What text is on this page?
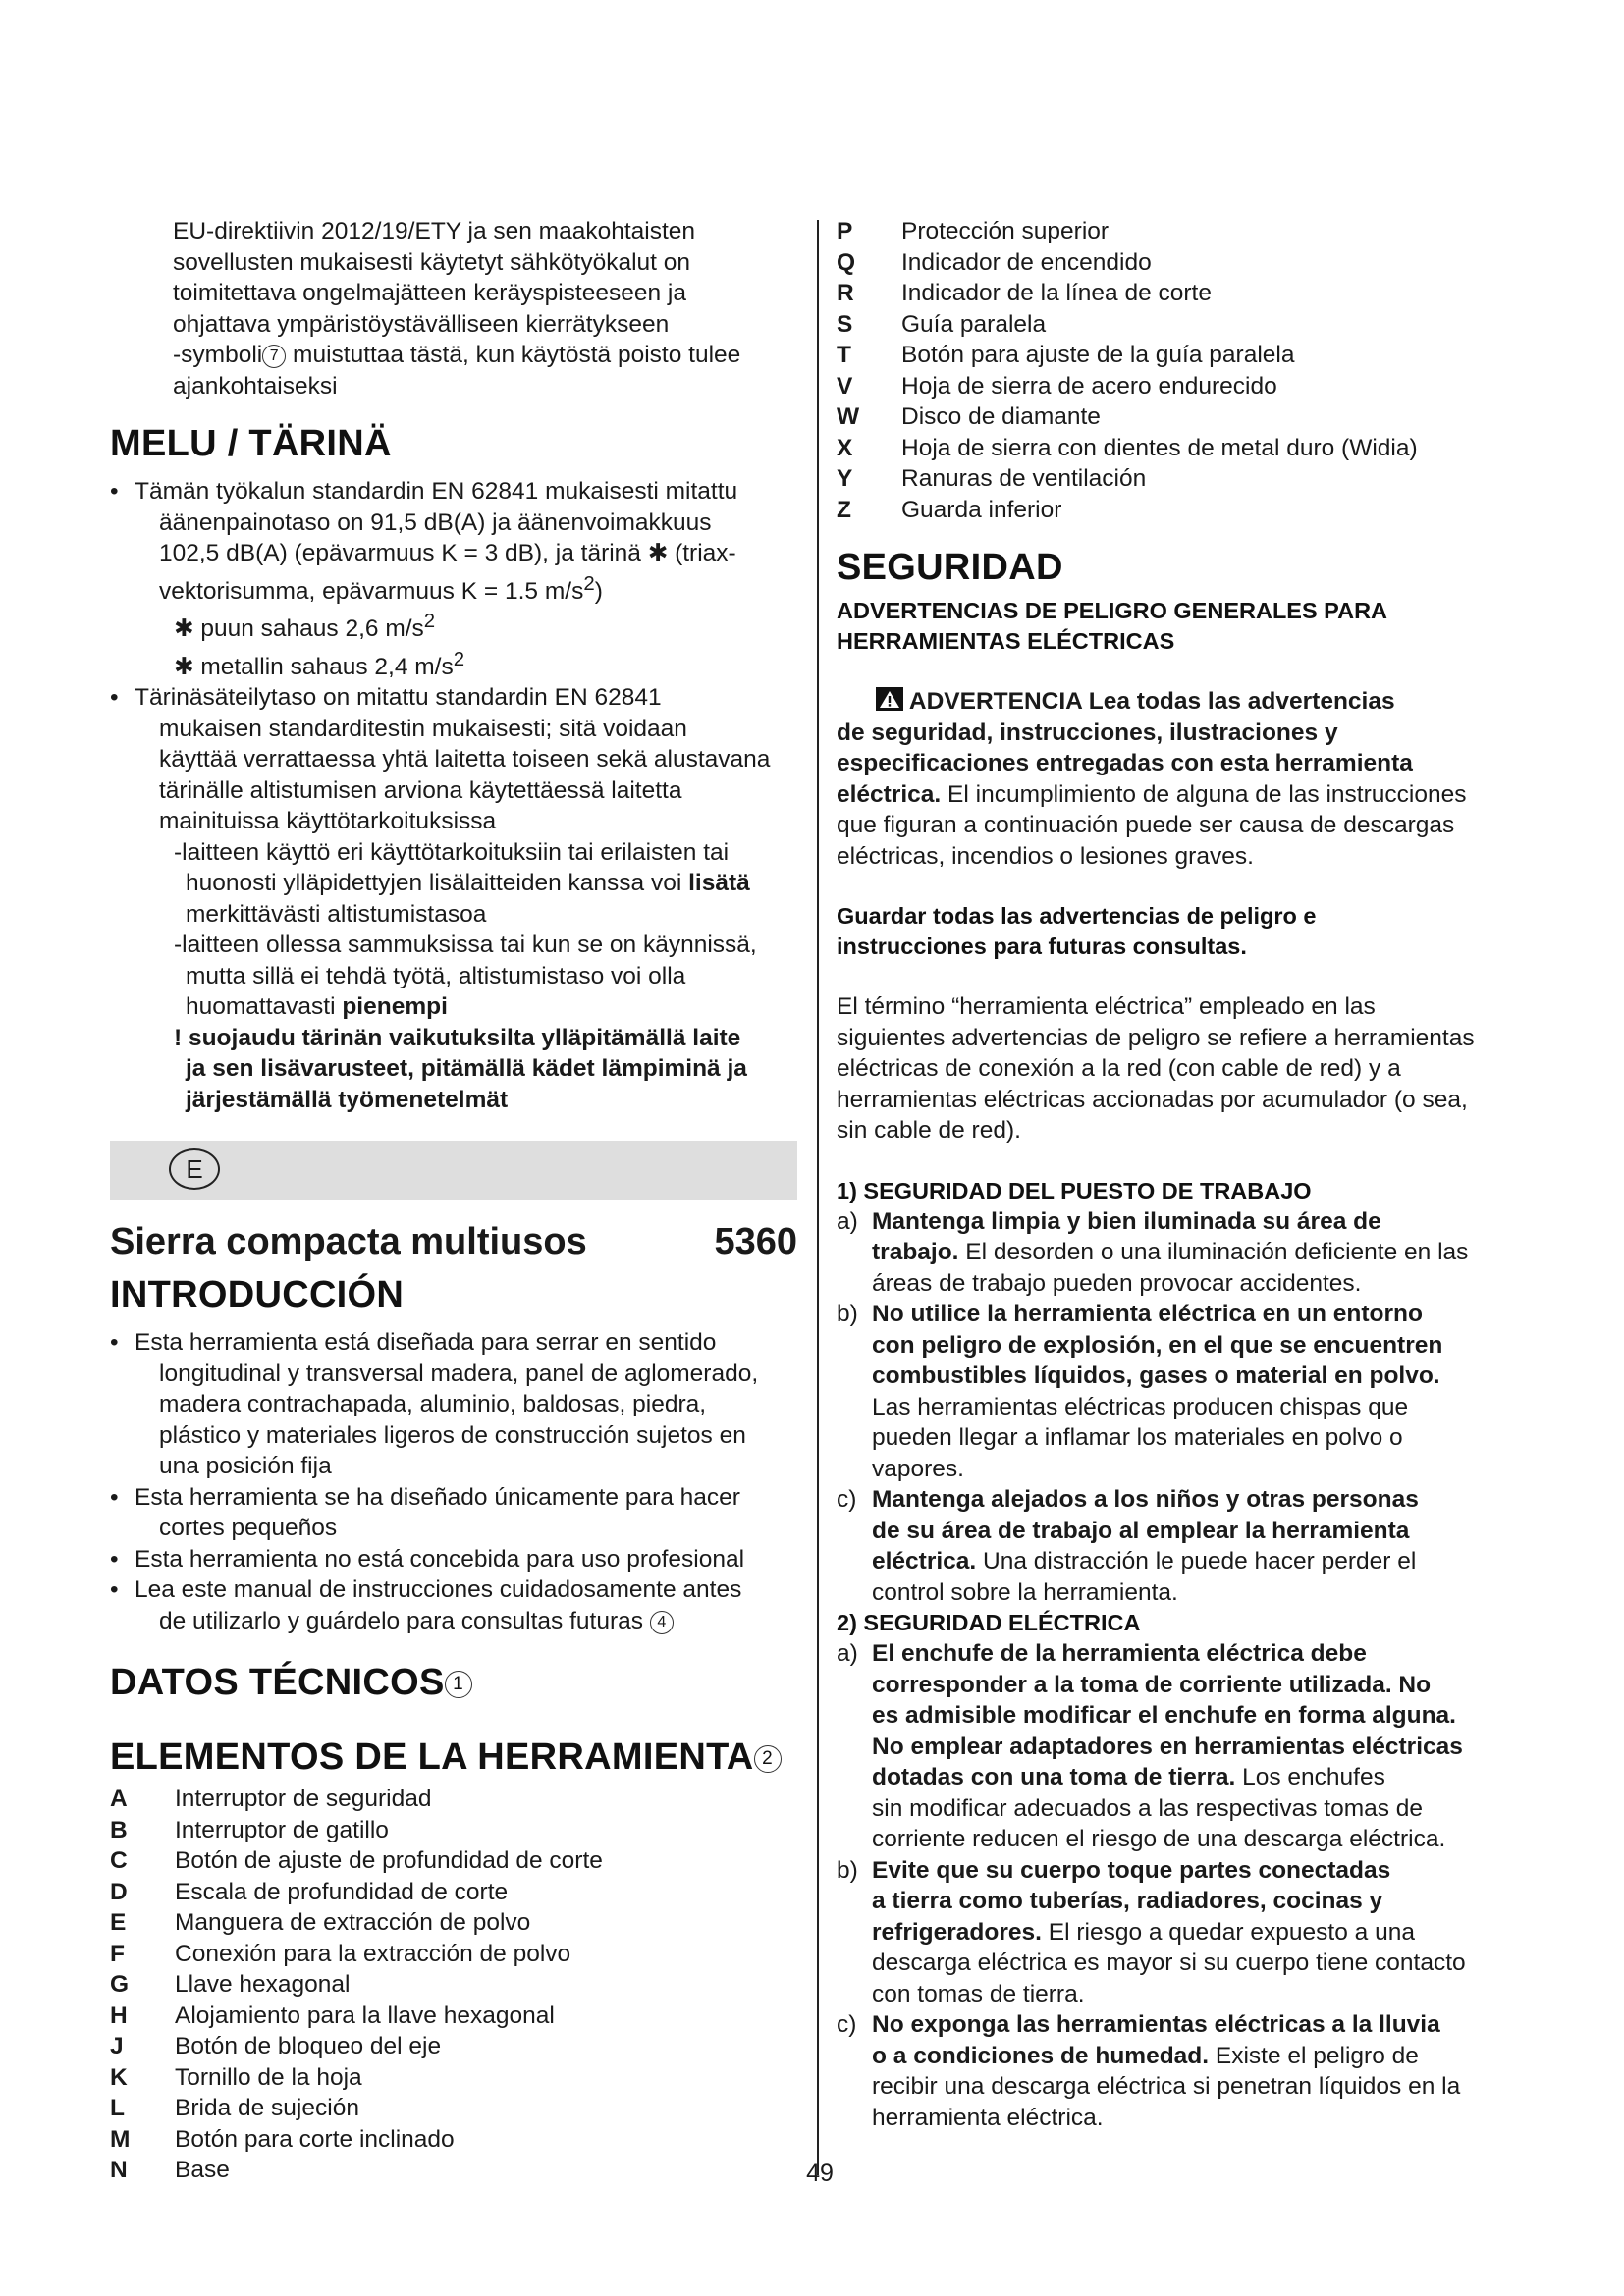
EU-direktiivin 2012/19/ETY ja sen maakohtaisten

sovellusten mukaisesti käytetyt sähkötyökalut on

toimitettava ongelmajätteen keräyspisteeseen ja

ohjattava ympäristöystävälliseen kierrätykseen

-symboli 7 muistuttaa tästä, kun käytöstä poisto tulee

ajankohtaiseksi

MELU / TÄRINÄ

• Tämän työkalun standardin EN 62841 mukaisesti mitattu

äänenpainotaso on 91,5 dB(A) ja äänenvoimakkuus

102,5 dB(A) (epävarmuus K = 3 dB), ja tärinä ✱ (triax-

vektorisumma, epävarmuus K = 1.5 $m/s^2$)

✱ puun sahaus 2,6 $m/s^2$

✱ metallin sahaus 2,4 $m/s^2$

• Tärinäsäteilytaso on mitattu standardin EN 62841

mukaisen standarditestin mukaisesti; sitä voidaan

käyttää verrattaessa yhtä laitetta toiseen sekä alustavana

tärinälle altistumisen arviona käytettäessä laitetta

mainituissa käyttötarkoituksissa

-laitteen käyttö eri käyttötarkoituksiin tai erilaisten tai

huonosti ylläpidettyjen lisälaitteiden kanssa voi lisätä

merkittävästi altistumistasoa

-laitteen ollessa sammuksissa tai kun se on käynnissä,

mutta sillä ei tehdä työtä, altistumistaso voi olla

huomattavasti pienempi

! suojaudu tärinän vaikutuksilta ylläpitämällä laite

ja sen lisävarusteet, pitämällä kädet lämpiminä ja

järjestämällä työmenetelmät

E
Sierra compacta multiusos	5360
INTRODUCCIÓN

• Esta herramienta está diseñada para serrar en sentido

longitudinal y transversal madera, panel de aglomerado,

madera contrachapada, aluminio, baldosas, piedra,

plástico y materiales ligeros de construcción sujetos en

una posición fija

• Esta herramienta se ha diseñado únicamente para hacer

cortes pequeños

• Esta herramienta no está concebida para uso profesional

• Lea este manual de instrucciones cuidadosamente antes

de utilizarlo y guárdelo para consultas futuras 4

DATOS TÉCNICOS 1
ELEMENTOS DE LA HERRAMIENTA 2
A	Interruptor de seguridad
B	Interruptor de gatillo
C	Botón de ajuste de profundidad de corte
D	Escala de profundidad de corte
E	Manguera de extracción de polvo
F	Conexión para la extracción de polvo
G	Llave hexagonal
H	Alojamiento para la llave hexagonal
J	Botón de bloqueo del eje
K	Tornillo de la hoja
L	Brida de sujeción
M	Botón para corte inclinado
N	Base
P	Protección superior
Q	Indicador de encendido
R	Indicador de la línea de corte
S	Guía paralela
T	Botón para ajuste de la guía paralela
V	Hoja de sierra de acero endurecido
W	Disco de diamante
X	Hoja de sierra con dientes de metal duro (Widia)
Y	Ranuras de ventilación
Z	Guarda inferior
SEGURIDAD

ADVERTENCIAS DE PELIGRO GENERALES PARA

HERRAMIENTAS ELÉCTRICAS

ADVERTENCIA Lea todas las advertencias

de seguridad, instrucciones, ilustraciones y

especificaciones entregadas con esta herramienta

eléctrica. El incumplimiento de alguna de las instrucciones

que figuran a continuación puede ser causa de descargas

eléctricas, incendios o lesiones graves.

Guardar todas las advertencias de peligro e

instrucciones para futuras consultas.

El término “herramienta eléctrica” empleado en las

siguientes advertencias de peligro se refiere a herramientas

eléctricas de conexión a la red (con cable de red) y a

herramientas eléctricas accionadas por acumulador (o sea,

sin cable de red).

1) SEGURIDAD DEL PUESTO DE TRABAJO
a) Mantenga limpia y bien iluminada su área de

trabajo. El desorden o una iluminación deficiente en las

áreas de trabajo pueden provocar accidentes.

b) No utilice la herramienta eléctrica en un entorno

con peligro de explosión, en el que se encuentren

combustibles líquidos, gases o material en polvo.

Las herramientas eléctricas producen chispas que

pueden llegar a inflamar los materiales en polvo o

vapores.

c) Mantenga alejados a los niños y otras personas

de su área de trabajo al emplear la herramienta

eléctrica. Una distracción le puede hacer perder el

control sobre la herramienta.

2) SEGURIDAD ELÉCTRICA
a) El enchufe de la herramienta eléctrica debe

corresponder a la toma de corriente utilizada. No

es admisible modificar el enchufe en forma alguna.

No emplear adaptadores en herramientas eléctricas

dotadas con una toma de tierra. Los enchufes

sin modificar adecuados a las respectivas tomas de

corriente reducen el riesgo de una descarga eléctrica.

b) Evite que su cuerpo toque partes conectadas

a tierra como tuberías, radiadores, cocinas y

refrigeradores. El riesgo a quedar expuesto a una

descarga eléctrica es mayor si su cuerpo tiene contacto

con tomas de tierra.

c) No exponga las herramientas eléctricas a la lluvia

o a condiciones de humedad. Existe el peligro de

recibir una descarga eléctrica si penetran líquidos en la

herramienta eléctrica.

49
